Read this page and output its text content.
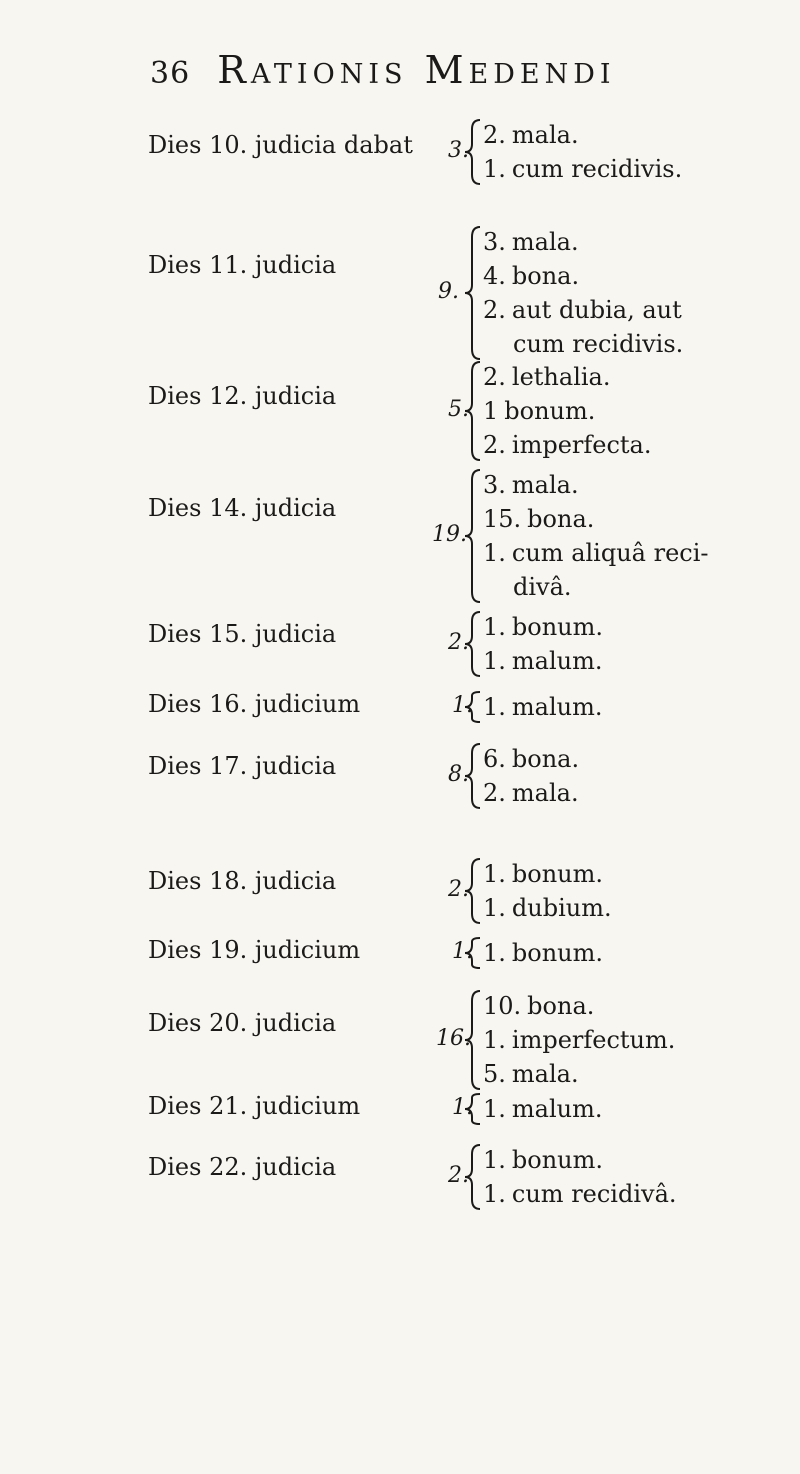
36 Rationis Medendi
Dies 10. judicia dabat 3.
2. mala.
1. cum recidivis.
Dies 11. judicia
9.
3. mala.
4. bona.
2. aut dubia, aut
cum recidivis.
Dies 12. judicia	5.
2. lethalia.
1 bonum.
2. imperfecta.
Dies 14. judicia
19.
3. mala.
15. bona.
1. cum aliquâ reci-
divâ.
Dies 15. judicia	2.
1. bonum.
1. malum.
Dies 16. judicium	1. 1. malum.
Dies 17. judicia	8.
6. bona.
2. mala.
Dies 18. judicia	2.
1. bonum.
1. dubium.
Dies 19. judicium	1. 1. bonum.
Dies 20. judicia
16.
10. bona.
1. imperfectum.
5. mala.
Dies 21. judicium	1. 1. malum.
Dies 22. judicia	2.
1. bonum.
1. cum recidivâ.
